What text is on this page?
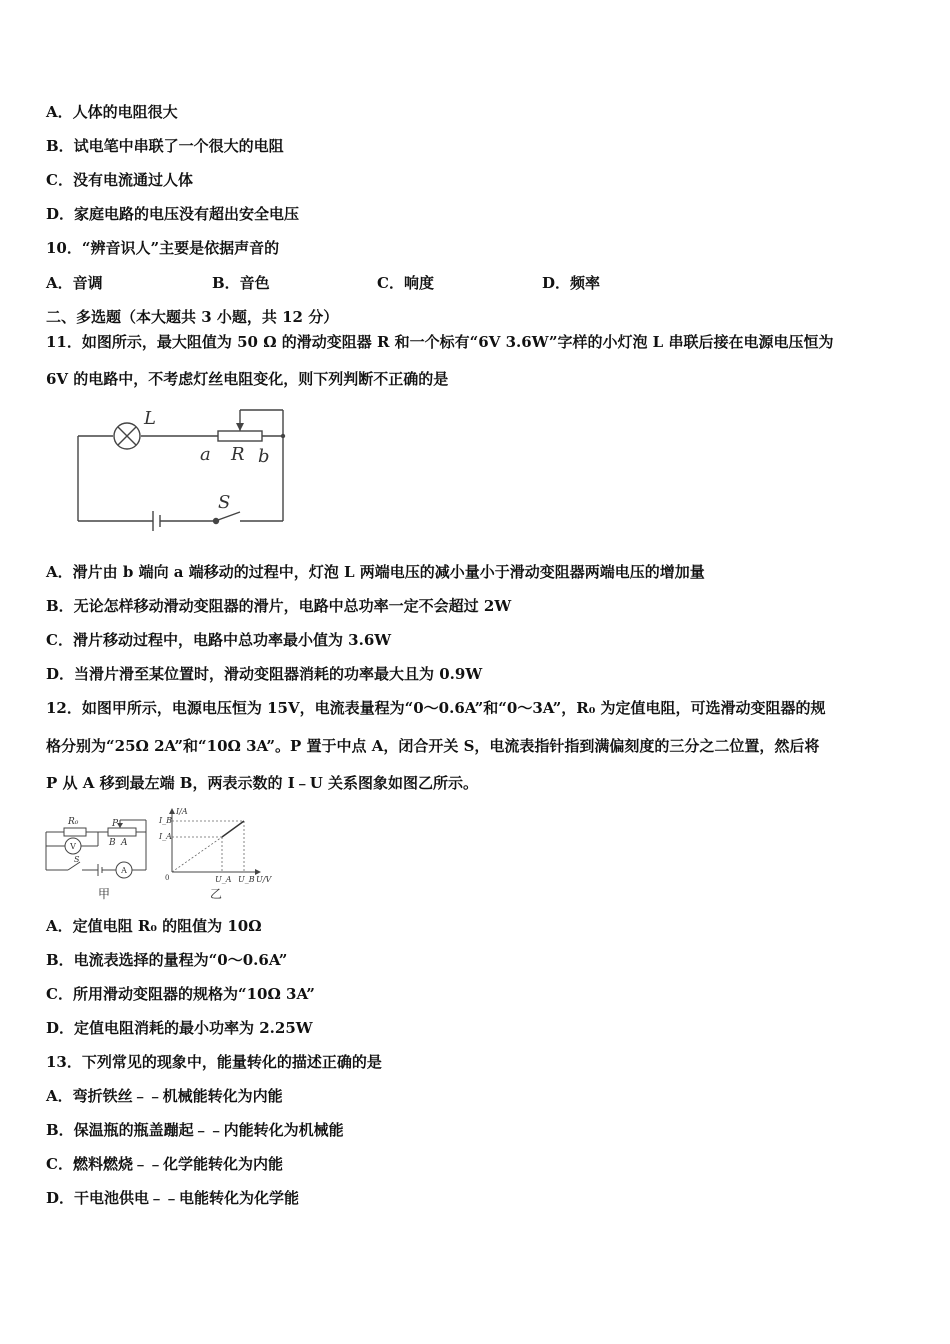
A．人体的电阻很大
B．试电笔中串联了一个很大的电阻
C．没有电流通过人体
D．家庭电路的电压没有超出安全电压
10．“辨音识人”主要是依据声音的
A．音调	B．音色	C．响度	D．频率
二、多选题（本大题共 3 小题，共 12 分）
11．如图所示，最大阻值为 50 Ω 的滑动变阻器 R 和一个标有“6V 3.6W”字样的小灯泡 L 串联后接在电源电压恒为
6V 的电路中，不考虑灯丝电阻变化，则下列判断不正确的是
L
a R b
S
A．滑片由 b 端向 a 端移动的过程中，灯泡 L 两端电压的减小量小于滑动变阻器两端电压的增加量
B．无论怎样移动滑动变阻器的滑片，电路中总功率一定不会超过 2W
C．滑片移动过程中，电路中总功率最小值为 3.6W
D．当滑片滑至某位置时，滑动变阻器消耗的功率最大且为 0.9W
12．如图甲所示，电源电压恒为 15V，电流表量程为“0～0.6A”和“0～3A”，R₀ 为定值电阻，可选滑动变阻器的规
格分别为“25Ω 2A”和“10Ω 3A”。P 置于中点 A，闭合开关 S，电流表指针指到满偏刻度的三分之二位置，然后将
P 从 A 移到最左端 B，两表示数的 I﹣U 关系图象如图乙所示。
R₀	P
B A
V
S
A
甲
I/A
I_B
I_A
0	U_A U_B U/V
乙
A．定值电阻 R₀ 的阻值为 10Ω
B．电流表选择的量程为“0～0.6A”
C．所用滑动变阻器的规格为“10Ω 3A”
D．定值电阻消耗的最小功率为 2.25W
13．下列常见的现象中，能量转化的描述正确的是
A．弯折铁丝﹣﹣机械能转化为内能
B．保温瓶的瓶盖蹦起﹣﹣内能转化为机械能
C．燃料燃烧﹣﹣化学能转化为内能
D．干电池供电﹣﹣电能转化为化学能
